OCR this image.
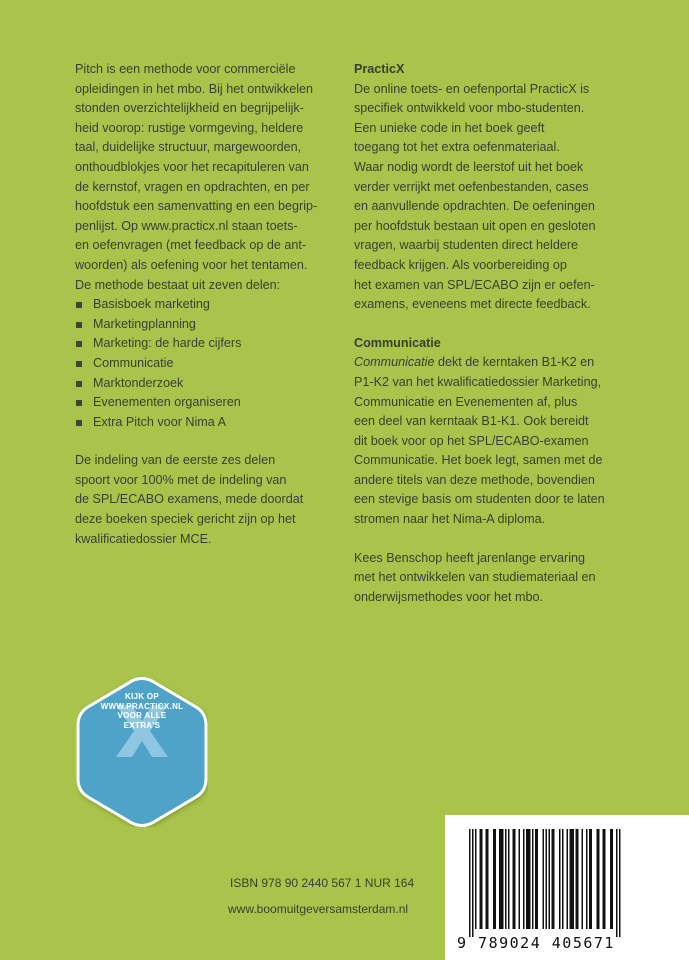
Pitch is een methode voor commerciële

opleidingen in het mbo. Bij het ontwikkelen

stonden overzichtelijkheid en begrijpelijk-

heid voorop: rustige vormgeving, heldere

taal, duidelijke structuur, margewoorden,

onthoudblokjes voor het recapituleren van

de kernstof, vragen en opdrachten, en per

hoofdstuk een samenvatting en een begrip-

penlijst. Op www.practicx.nl staan toets-

en oefenvragen (met feedback op de ant-

woorden) als oefening voor het tentamen.

De methode bestaat uit zeven delen:

Basisboek marketing
Marketingplanning
Marketing: de harde cijfers
Communicatie
Marktonderzoek
Evenementen organiseren
Extra Pitch voor Nima A

De indeling van de eerste zes delen

spoort voor 100% met de indeling van

de SPL/ECABO examens, mede doordat

deze boeken speciek gericht zijn op het

kwalificatiedossier MCE.

PracticX

De online toets- en oefenportal PracticX is

specifiek ontwikkeld voor mbo-studenten.

Een unieke code in het boek geeft

toegang tot het extra oefenmateriaal.

Waar nodig wordt de leerstof uit het boek

verder verrijkt met oefenbestanden, cases

en aanvullende opdrachten. De oefeningen

per hoofdstuk bestaan uit open en gesloten

vragen, waarbij studenten direct heldere

feedback krijgen. Als voorbereiding op

het examen van SPL/ECABO zijn er oefen-

examens, eveneens met directe feedback.

Communicatie

Communicatie dekt de kerntaken B1-K2 en

P1-K2 van het kwalificatiedossier Marketing,

Communicatie en Evenementen af, plus

een deel van kerntaak B1-K1. Ook bereidt

dit boek voor op het SPL/ECABO-examen

Communicatie. Het boek legt, samen met de

andere titels van deze methode, bovendien

een stevige basis om studenten door te laten

stromen naar het Nima-A diploma.

Kees Benschop heeft jarenlange ervaring

met het ontwikkelen van studiemateriaal en

onderwijsmethodes voor het mbo.

KIJK OP
WWW.PRACTICX.NL
VOOR ALLE
EXTRA'S
ISBN 978 90 2440 567 1 NUR 164
www.boomuitgeversamsterdam.nl
9 789024 405671
